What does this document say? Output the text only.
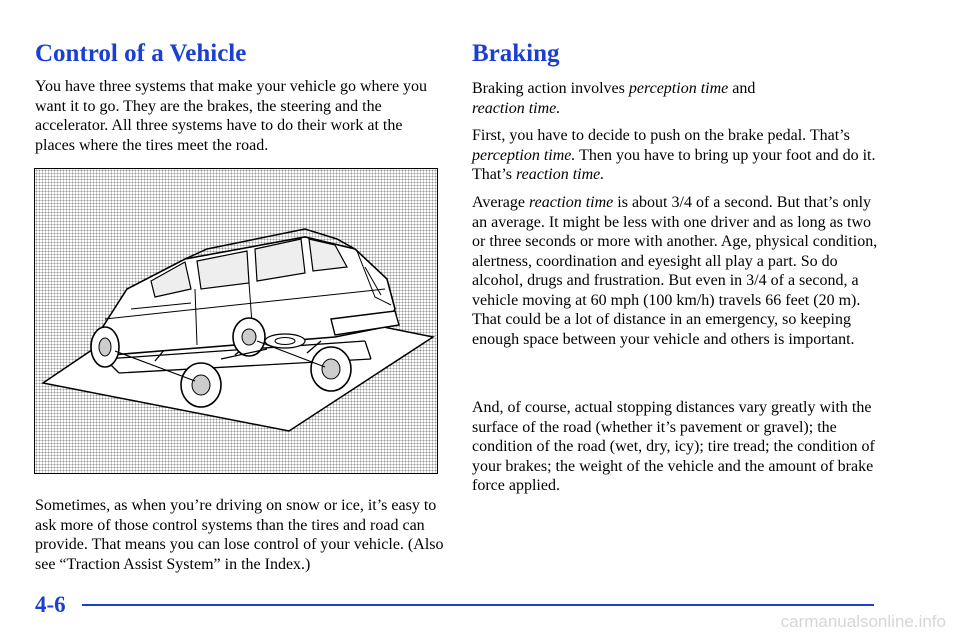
Control of a Vehicle

You have three systems that make your vehicle go where you want it to go. They are the brakes, the steering and the accelerator. All three systems have to do their work at the places where the tires meet the road.

Sometimes, as when you’re driving on snow or ice, it’s easy to ask more of those control systems than the tires and road can provide. That means you can lose control of your vehicle. (Also see “Traction Assist System” in the Index.)

Braking

Braking action involves perception time and
reaction time.

First, you have to decide to push on the brake pedal. That’s perception time. Then you have to bring up your foot and do it. That’s reaction time.

Average reaction time is about 3/4 of a second. But that’s only an average. It might be less with one driver and as long as two or three seconds or more with another. Age, physical condition, alertness, coordination and eyesight all play a part. So do alcohol, drugs and frustration. But even in 3/4 of a second, a vehicle moving at 60 mph (100 km/h) travels 66 feet (20 m). That could be a lot of distance in an emergency, so keeping enough space between your vehicle and others is important.

And, of course, actual stopping distances vary greatly with the surface of the road (whether it’s pavement or gravel); the condition of the road (wet, dry, icy); tire tread; the condition of your brakes; the weight of the vehicle and the amount of brake force applied.

4-6

carmanualsonline.info
